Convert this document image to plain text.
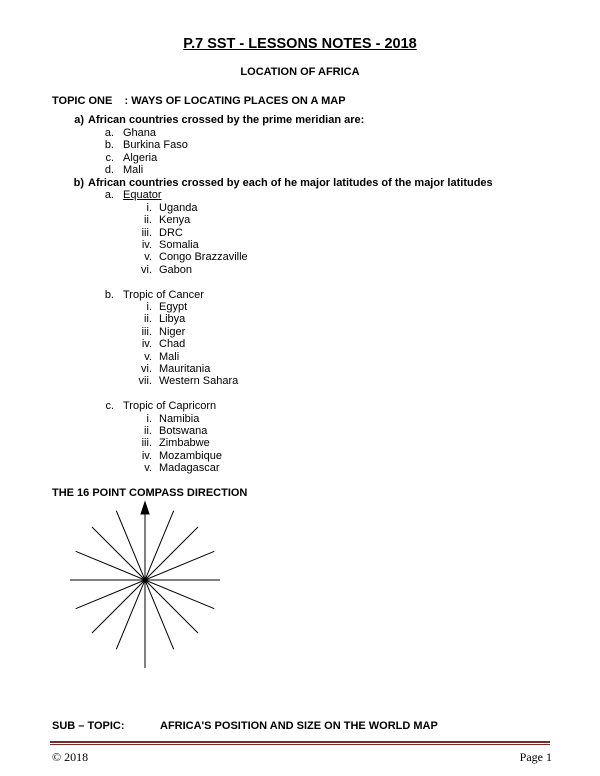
P.7 SST - LESSONS NOTES - 2018
LOCATION OF AFRICA
TOPIC ONE    : WAYS OF LOCATING PLACES ON A MAP
a) African countries crossed by the prime meridian are:
a. Ghana
b. Burkina Faso
c. Algeria
d. Mali
b) African countries crossed by each of he major latitudes of the major latitudes
a. Equator
i. Uganda
ii. Kenya
iii. DRC
iv. Somalia
v. Congo Brazzaville
vi. Gabon
b. Tropic of Cancer
i. Egypt
ii. Libya
iii. Niger
iv. Chad
v. Mali
vi. Mauritania
vii. Western Sahara
c. Tropic of Capricorn
i. Namibia
ii. Botswana
iii. Zimbabwe
iv. Mozambique
v. Madagascar
THE 16 POINT COMPASS DIRECTION
SUB – TOPIC:	AFRICA'S POSITION AND SIZE ON THE WORLD MAP
© 2018	Page 1
